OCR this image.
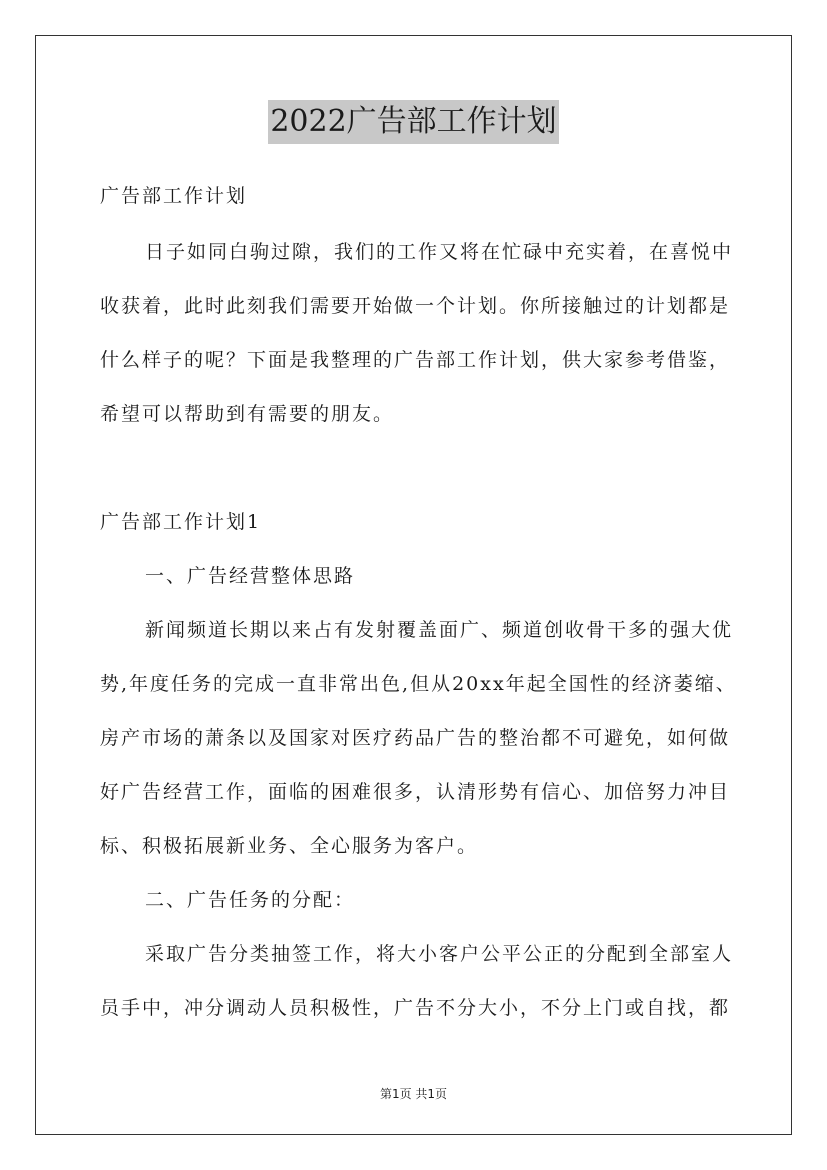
2022广告部工作计划
广告部工作计划
日子如同白驹过隙，我们的工作又将在忙碌中充实着，在喜悦中
收获着，此时此刻我们需要开始做一个计划。你所接触过的计划都是
什么样子的呢？下面是我整理的广告部工作计划，供大家参考借鉴，
希望可以帮助到有需要的朋友。
广告部工作计划1
一、广告经营整体思路
新闻频道长期以来占有发射覆盖面广、频道创收骨干多的强大优
势,年度任务的完成一直非常出色,但从20xx年起全国性的经济萎缩、
房产市场的萧条以及国家对医疗药品广告的整治都不可避免，如何做
好广告经营工作，面临的困难很多，认清形势有信心、加倍努力冲目
标、积极拓展新业务、全心服务为客户。
二、广告任务的分配：
采取广告分类抽签工作，将大小客户公平公正的分配到全部室人
员手中，冲分调动人员积极性，广告不分大小，不分上门或自找，都
第1页 共1页
